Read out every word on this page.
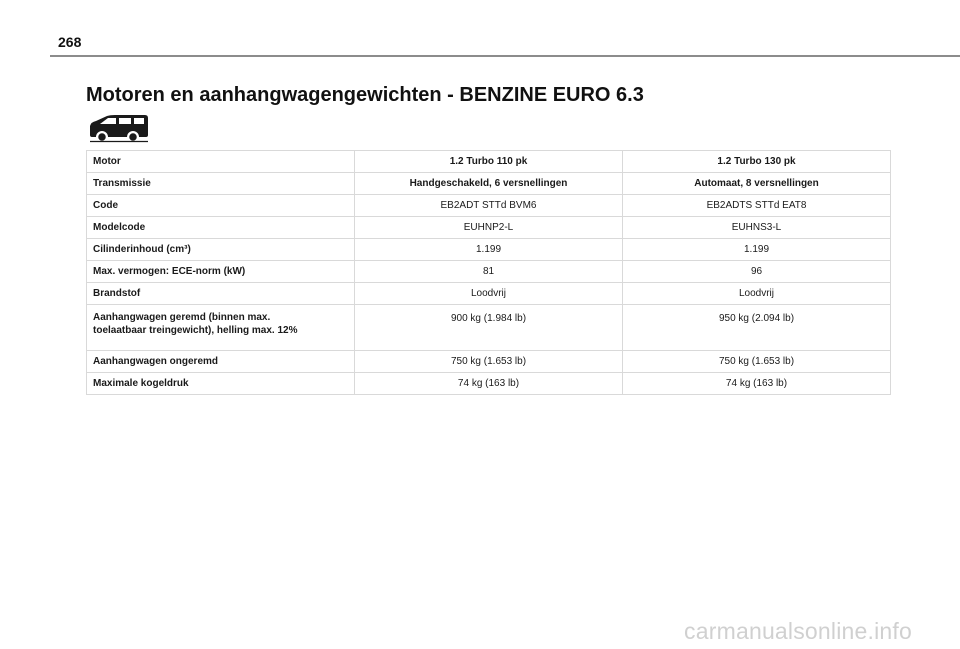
268
Motoren en aanhangwagengewichten - BENZINE EURO 6.3
Motor	1.2 Turbo 110 pk	1.2 Turbo 130 pk
Transmissie	Handgeschakeld, 6 versnellingen	Automaat, 8 versnellingen
Code	EB2ADT STTd BVM6	EB2ADTS STTd EAT8
Modelcode	EUHNP2-L	EUHNS3-L
Cilinderinhoud (cm³)	1.199	1.199
Max. vermogen: ECE-norm (kW)	81	96
Brandstof	Loodvrij	Loodvrij
Aanhangwagen geremd (binnen max.
toelaatbaar treingewicht), helling max. 12%	900 kg (1.984 lb)	950 kg (2.094 lb)
Aanhangwagen ongeremd	750 kg (1.653 lb)	750 kg (1.653 lb)
Maximale kogeldruk	74 kg (163 lb)	74 kg (163 lb)
carmanualsonline.info
